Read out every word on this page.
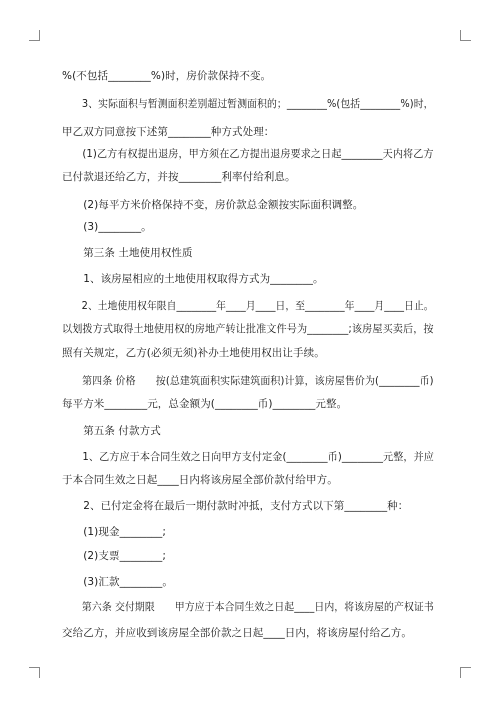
%(不包括________%)时，房价款保持不变。
　　3、实际面积与暂测面积差别超过暂测面积的；________%(包括________%)时，
甲乙双方同意按下述第________种方式处理：
　　(1)乙方有权提出退房，甲方须在乙方提出退房要求之日起________天内将乙方
已付款退还给乙方，并按________利率付给利息。
　　(2)每平方米价格保持不变，房价款总金额按实际面积调整。
　　(3)________。
　　第三条 土地使用权性质
　　1、该房屋相应的土地使用权取得方式为________。
　　2、土地使用权年限自________年____月____日，至________年____月____日止。
以划拨方式取得土地使用权的房地产转让批准文件号为________;该房屋买卖后，按
照有关规定，乙方(必须无须)补办土地使用权出让手续。
　　第四条 价格　　按(总建筑面积实际建筑面积)计算，该房屋售价为(________币)
每平方米________元，总金额为(________币)________元整。
　　第五条 付款方式
　　1、乙方应于本合同生效之日向甲方支付定金(________币)________元整，并应
于本合同生效之日起____日内将该房屋全部价款付给甲方。
　　2、已付定金将在最后一期付款时冲抵，支付方式以下第________种：
　　(1)现金________;
　　(2)支票________;
　　(3)汇款________。
　　第六条 交付期限　　甲方应于本合同生效之日起____日内，将该房屋的产权证书
交给乙方，并应收到该房屋全部价款之日起____日内，将该房屋付给乙方。
